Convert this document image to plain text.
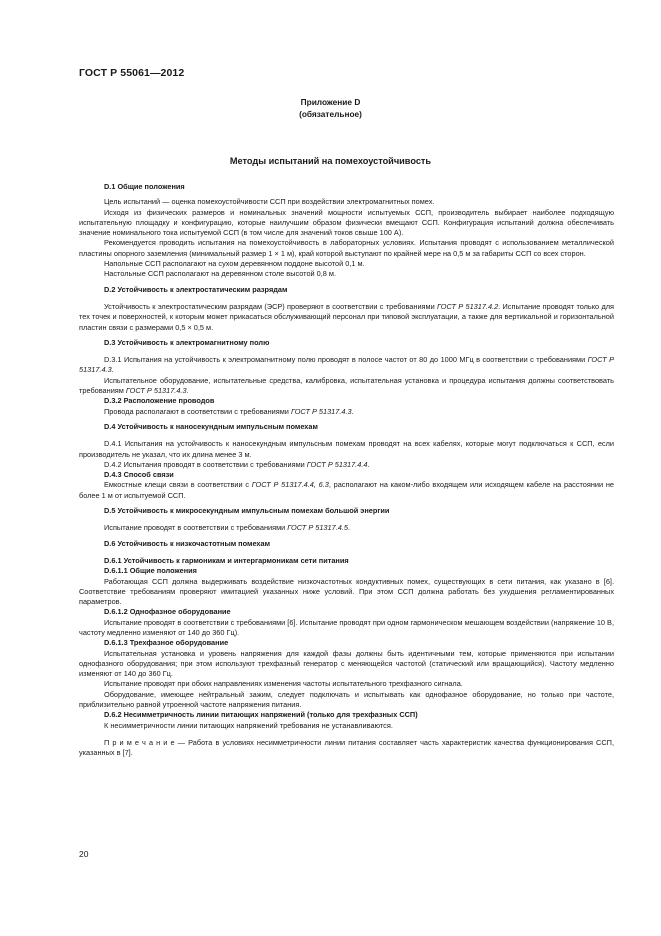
ГОСТ Р 55061—2012
Приложение D
(обязательное)
Методы испытаний на помехоустойчивость

D.1 Общие положения

Цель испытаний — оценка помехоустойчивости ССП при воздействии электромагнитных помех.

Исходя из физических размеров и номинальных значений мощности испытуемых ССП, производитель выбирает наиболее подходящую испытательную площадку и конфигурацию, которые наилучшим образом физически вмещают ССП. Конфигурация испытаний должна обеспечивать значение номинального тока испытуемой ССП (в том числе для значений токов свыше 100 А).

Рекомендуется проводить испытания на помехоустойчивость в лабораторных условиях. Испытания проводят с использованием металлической пластины опорного заземления (минимальный размер 1 × 1 м), край которой выступают по крайней мере на 0,5 м за габариты ССП со всех сторон.

Напольные ССП располагают на сухом деревянном поддоне высотой 0,1 м.

Настольные ССП располагают на деревянном столе высотой 0,8 м.

D.2 Устойчивость к электростатическим разрядам

Устойчивость к электростатическим разрядам (ЭСР) проверяют в соответствии с требованиями ГОСТ Р 51317.4.2. Испытание проводят только для тех точек и поверхностей, к которым может прикасаться обслуживающий персонал при типовой эксплуатации, а также для вертикальной и горизонтальной пластин связи с размерами 0,5 × 0,5 м.

D.3 Устойчивость к электромагнитному полю

D.3.1 Испытания на устойчивость к электромагнитному полю проводят в полосе частот от 80 до 1000 МГц в соответствии с требованиями ГОСТ Р 51317.4.3.

Испытательное оборудование, испытательные средства, калибровка, испытательная установка и процедура испытания должны соответствовать требованиям ГОСТ Р 51317.4.3.

D.3.2 Расположение проводов

Провода располагают в соответствии с требованиями ГОСТ Р 51317.4.3.

D.4 Устойчивость к наносекундным импульсным помехам

D.4.1 Испытания на устойчивость к наносекундным импульсным помехам проводят на всех кабелях, которые могут подключаться к ССП, если производитель не указал, что их длина менее 3 м.

D.4.2 Испытания проводят в соответствии с требованиями ГОСТ Р 51317.4.4.

D.4.3 Способ связи

Емкостные клещи связи в соответствии с ГОСТ Р 51317.4.4, 6.3, располагают на каком-либо входящем или исходящем кабеле на расстоянии не более 1 м от испытуемой ССП.

D.5 Устойчивость к микросекундным импульсным помехам большой энергии

Испытание проводят в соответствии с требованиями ГОСТ Р 51317.4.5.

D.6 Устойчивость к низкочастотным помехам

D.6.1 Устойчивость к гармоникам и интергармоникам сети питания

D.6.1.1 Общие положения

Работающая ССП должна выдерживать воздействие низкочастотных кондуктивных помех, существующих в сети питания, как указано в [6]. Соответствие требованиям проверяют имитацией указанных ниже условий. При этом ССП должна работать без ухудшения регламентированных параметров.

D.6.1.2 Однофазное оборудование

Испытание проводят в соответствии с требованиями [6]. Испытание проводят при одном гармоническом мешающем воздействии (напряжение 10 В, частоту медленно изменяют от 140 до 360 Гц).

D.6.1.3 Трехфазное оборудование

Испытательная установка и уровень напряжения для каждой фазы должны быть идентичными тем, которые применяются при испытании однофазного оборудования; при этом используют трехфазный генератор с меняющейся частотой (статический или вращающийся). Частоту медленно изменяют от 140 до 360 Гц.

Испытание проводят при обоих направлениях изменения частоты испытательного трехфазного сигнала.

Оборудование, имеющее нейтральный зажим, следует подключать и испытывать как однофазное оборудование, но только при частоте, приблизительно равной утроенной частоте напряжения питания.

D.6.2 Несимметричность линии питающих напряжений (только для трехфазных ССП)

К несимметричности линии питающих напряжений требования не устанавливаются.

П р и м е ч а н и е — Работа в условиях несимметричности линии питания составляет часть характеристик качества функционирования ССП, указанных в [7].

20
